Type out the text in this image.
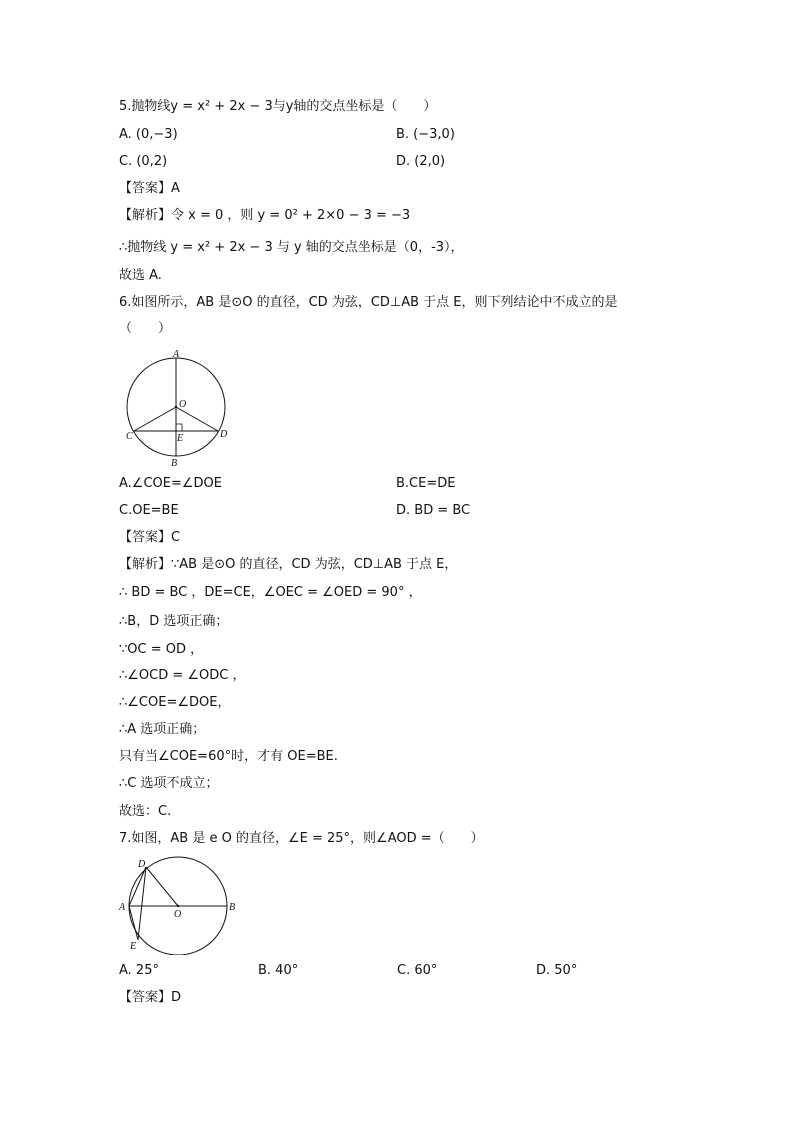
5.抛物线y = x² + 2x − 3与y轴的交点坐标是（　　）
A. (0,−3)	B. (−3,0)
C. (0,2)	D. (2,0)
【答案】A
【解析】令 x = 0 ，则 y = 0² + 2×0 − 3 = −3
∴抛物线 y = x² + 2x − 3 与 y 轴的交点坐标是（0，-3），
故选 A.
6.如图所示，AB 是⊙O 的直径，CD 为弦，CD⊥AB 于点 E，则下列结论中不成立的是
（　　）
A
O
C	E	D
B
A.∠COE=∠DOE	B.CE=DE
C.OE=BE	D. BD = BC
【答案】C
【解析】∵AB 是⊙O 的直径，CD 为弦，CD⊥AB 于点 E，
∴ BD = BC ，DE=CE，∠OEC = ∠OED = 90° ，
∴B，D 选项正确；
∵OC = OD ，
∴∠OCD = ∠ODC ，
∴∠COE=∠DOE，
∴A 选项正确；
只有当∠COE=60°时，才有 OE=BE.
∴C 选项不成立；
故选：C.
7.如图，AB 是 e O 的直径，∠E = 25°，则∠AOD =（　　）
D
A
O
B
E
A. 25°	B. 40°	C. 60°	D. 50°
【答案】D
